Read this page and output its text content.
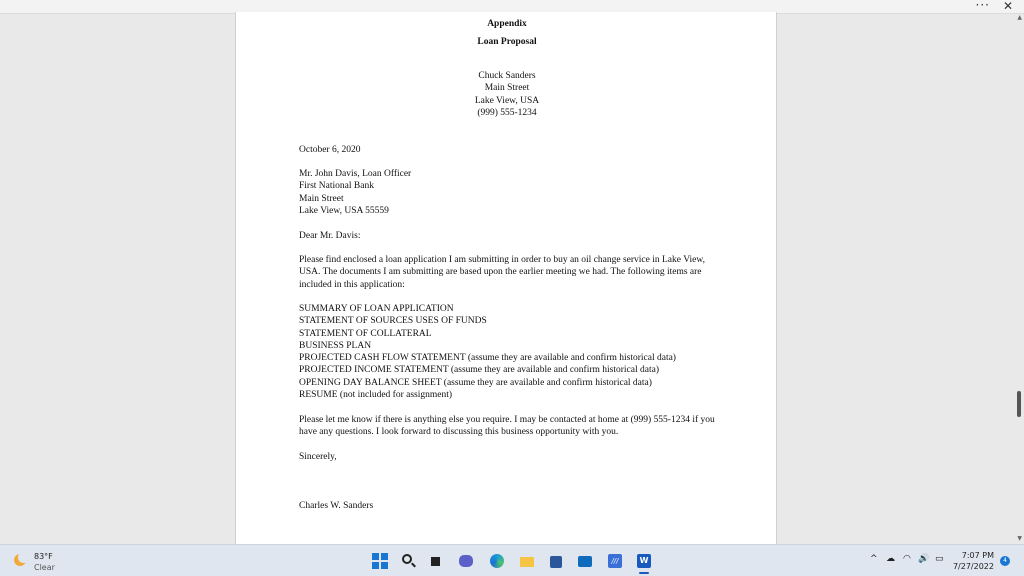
··· ✕
Appendix
Loan Proposal
Chuck Sanders
Main Street
Lake View, USA
(999) 555-1234
October 6, 2020
Mr. John Davis, Loan Officer
First National Bank
Main Street
Lake View, USA 55559
Dear Mr. Davis:
Please find enclosed a loan application I am submitting in order to buy an oil change service in Lake View, USA. The documents I am submitting are based upon the earlier meeting we had. The following items are included in this application:
SUMMARY OF LOAN APPLICATION
STATEMENT OF SOURCES USES OF FUNDS
STATEMENT OF COLLATERAL
BUSINESS PLAN
PROJECTED CASH FLOW STATEMENT (assume they are available and confirm historical data)
PROJECTED INCOME STATEMENT (assume they are available and confirm historical data)
OPENING DAY BALANCE SHEET (assume they are available and confirm historical data)
RESUME (not included for assignment)
Please let me know if there is anything else you require. I may be contacted at home at (999) 555-1234 if you have any questions. I look forward to discussing this business opportunity with you.
Sincerely,
Charles W. Sanders
▲
▼
83°F
Clear
///	W	^ ☁ ◠ 🔊 ▭	7:07 PM
7/27/2022
4
